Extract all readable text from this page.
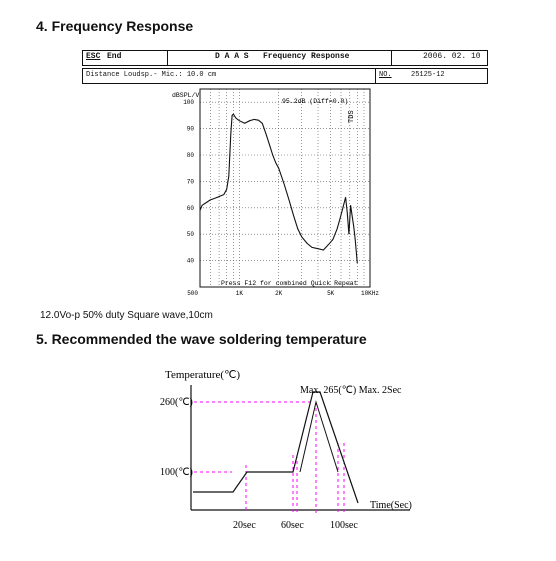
4. Frequency Response
ESC End	D A A S   Frequency Response	2006. 02. 10
Distance Loudsp.- Mic.: 10.0 cm	NO.	25125-12
40
50
60
70
80
90
100
500	1K	2K	5K	10KHz
dBSPL/V
95.2dB (Diff=0.0)
TDS
Press F12 for combined Quick Repeat
12.0Vo-p 50% duty Square wave,10cm
5. Recommended the wave soldering temperature
Temperature(℃)
Time(Sec)
260(℃)
100(℃)
Max. 265(℃) Max. 2Sec
20sec	60sec	100sec
